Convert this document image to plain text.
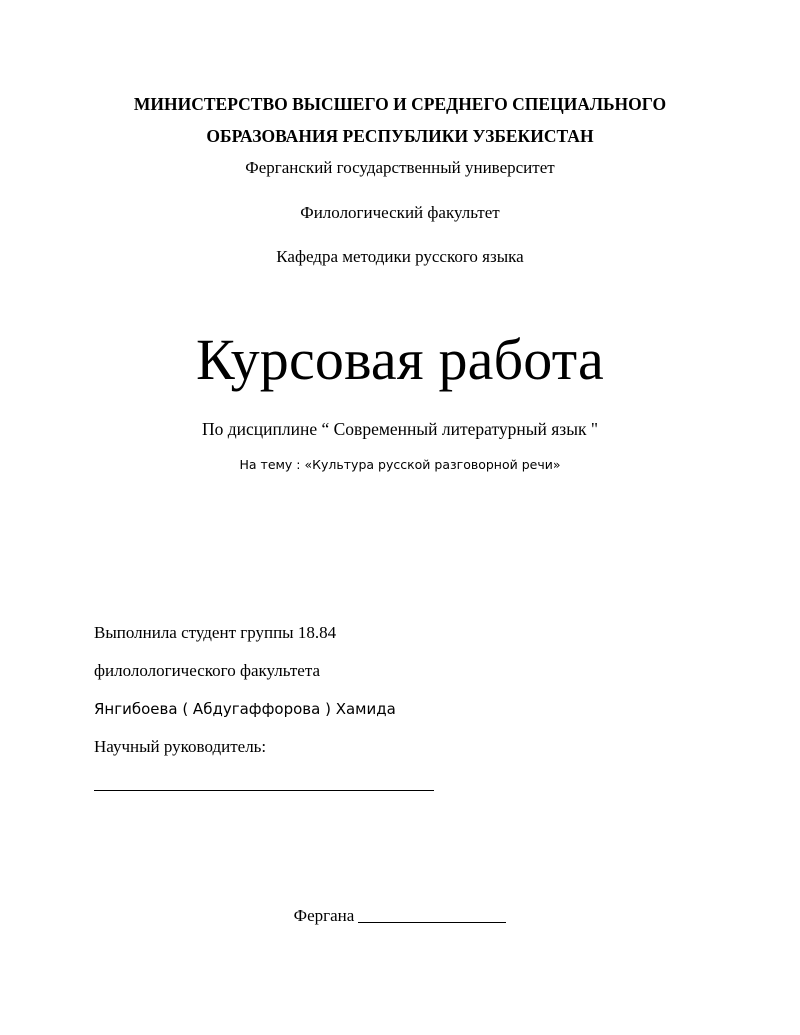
МИНИСТЕРСТВО ВЫСШЕГО И СРЕДНЕГО СПЕЦИАЛЬНОГО
ОБРАЗОВАНИЯ РЕСПУБЛИКИ УЗБЕКИСТАН
Ферганский государственный университет
Филологический факультет
Кафедра методики русского языка
Курсовая работа
По дисциплине “ Современный литературный язык "
На тему : «Культура русской разговорной речи»
Выполнила студент группы 18.84
филолологического факультета
Янгибоева ( Абдугаффорова ) Хамида
Научный руководитель:
Фергана
